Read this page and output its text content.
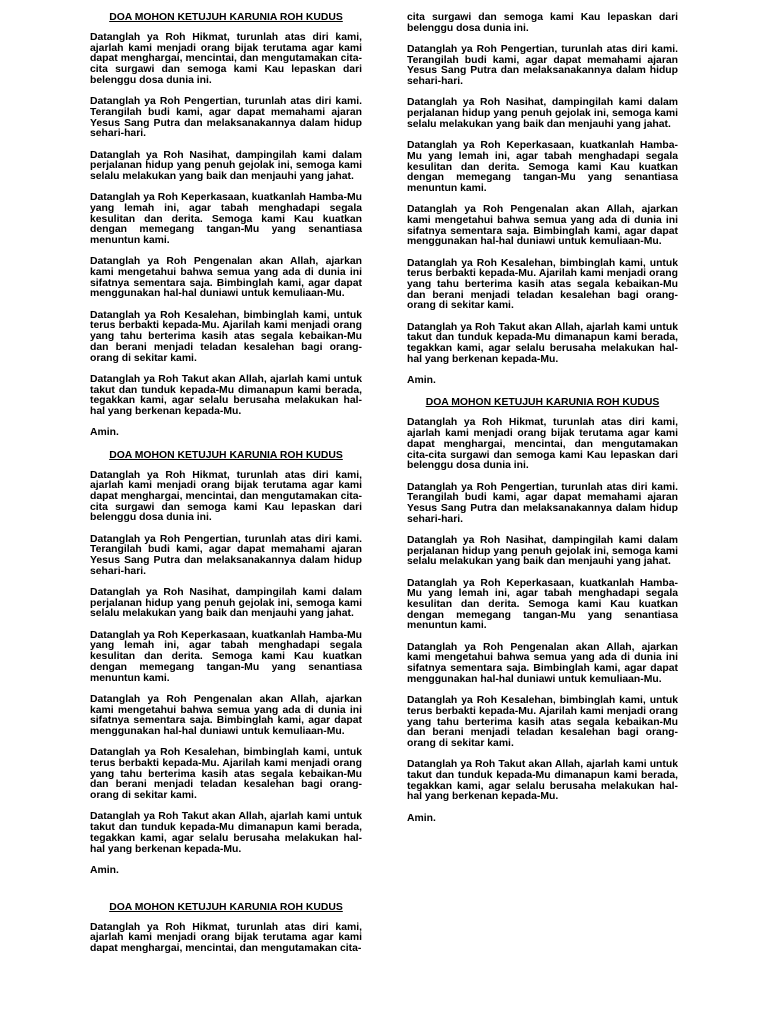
DOA MOHON KETUJUH KARUNIA ROH KUDUS
Datanglah ya Roh Hikmat, turunlah atas diri kami, ajarlah kami menjadi orang bijak terutama agar kami dapat menghargai, mencintai, dan mengutamakan cita-cita surgawi dan semoga kami Kau lepaskan dari belenggu dosa dunia ini.
Datanglah ya Roh Pengertian, turunlah atas diri kami. Terangilah budi kami, agar dapat memahami ajaran Yesus Sang Putra dan melaksanakannya dalam hidup sehari-hari.
Datanglah ya Roh Nasihat, dampingilah kami dalam perjalanan hidup yang penuh gejolak ini, semoga kami selalu melakukan yang baik dan menjauhi yang jahat.
Datanglah ya Roh Keperkasaan, kuatkanlah Hamba-Mu yang lemah ini, agar tabah menghadapi segala kesulitan dan derita. Semoga kami Kau kuatkan dengan memegang tangan-Mu yang senantiasa menuntun kami.
Datanglah ya Roh Pengenalan akan Allah, ajarkan kami mengetahui bahwa semua yang ada di dunia ini sifatnya sementara saja. Bimbinglah kami, agar dapat menggunakan hal-hal duniawi untuk kemuliaan-Mu.
Datanglah ya Roh Kesalehan, bimbinglah kami, untuk terus berbakti kepada-Mu. Ajarilah kami menjadi orang yang tahu berterima kasih atas segala kebaikan-Mu dan berani menjadi teladan kesalehan bagi orang-orang di sekitar kami.
Datanglah ya Roh Takut akan Allah, ajarlah kami untuk takut dan tunduk kepada-Mu dimanapun kami berada, tegakkan kami, agar selalu berusaha melakukan hal-hal yang berkenan kepada-Mu.
Amin.
DOA MOHON KETUJUH KARUNIA ROH KUDUS
Datanglah ya Roh Hikmat, turunlah atas diri kami, ajarlah kami menjadi orang bijak terutama agar kami dapat menghargai, mencintai, dan mengutamakan cita-cita surgawi dan semoga kami Kau lepaskan dari belenggu dosa dunia ini.
Datanglah ya Roh Pengertian, turunlah atas diri kami. Terangilah budi kami, agar dapat memahami ajaran Yesus Sang Putra dan melaksanakannya dalam hidup sehari-hari.
Datanglah ya Roh Nasihat, dampingilah kami dalam perjalanan hidup yang penuh gejolak ini, semoga kami selalu melakukan yang baik dan menjauhi yang jahat.
Datanglah ya Roh Keperkasaan, kuatkanlah Hamba-Mu yang lemah ini, agar tabah menghadapi segala kesulitan dan derita. Semoga kami Kau kuatkan dengan memegang tangan-Mu yang senantiasa menuntun kami.
Datanglah ya Roh Pengenalan akan Allah, ajarkan kami mengetahui bahwa semua yang ada di dunia ini sifatnya sementara saja. Bimbinglah kami, agar dapat menggunakan hal-hal duniawi untuk kemuliaan-Mu.
Datanglah ya Roh Kesalehan, bimbinglah kami, untuk terus berbakti kepada-Mu. Ajarilah kami menjadi orang yang tahu berterima kasih atas segala kebaikan-Mu dan berani menjadi teladan kesalehan bagi orang-orang di sekitar kami.
Datanglah ya Roh Takut akan Allah, ajarlah kami untuk takut dan tunduk kepada-Mu dimanapun kami berada, tegakkan kami, agar selalu berusaha melakukan hal-hal yang berkenan kepada-Mu.
Amin.
DOA MOHON KETUJUH KARUNIA ROH KUDUS
Datanglah ya Roh Hikmat, turunlah atas diri kami, ajarlah kami menjadi orang bijak terutama agar kami dapat menghargai, mencintai, dan mengutamakan cita-
cita surgawi dan semoga kami Kau lepaskan dari belenggu dosa dunia ini.
Datanglah ya Roh Pengertian, turunlah atas diri kami. Terangilah budi kami, agar dapat memahami ajaran Yesus Sang Putra dan melaksanakannya dalam hidup sehari-hari.
Datanglah ya Roh Nasihat, dampingilah kami dalam perjalanan hidup yang penuh gejolak ini, semoga kami selalu melakukan yang baik dan menjauhi yang jahat.
Datanglah ya Roh Keperkasaan, kuatkanlah Hamba-Mu yang lemah ini, agar tabah menghadapi segala kesulitan dan derita. Semoga kami Kau kuatkan dengan memegang tangan-Mu yang senantiasa menuntun kami.
Datanglah ya Roh Pengenalan akan Allah, ajarkan kami mengetahui bahwa semua yang ada di dunia ini sifatnya sementara saja. Bimbinglah kami, agar dapat menggunakan hal-hal duniawi untuk kemuliaan-Mu.
Datanglah ya Roh Kesalehan, bimbinglah kami, untuk terus berbakti kepada-Mu. Ajarilah kami menjadi orang yang tahu berterima kasih atas segala kebaikan-Mu dan berani menjadi teladan kesalehan bagi orang-orang di sekitar kami.
Datanglah ya Roh Takut akan Allah, ajarlah kami untuk takut dan tunduk kepada-Mu dimanapun kami berada, tegakkan kami, agar selalu berusaha melakukan hal-hal yang berkenan kepada-Mu.
Amin.
DOA MOHON KETUJUH KARUNIA ROH KUDUS
Datanglah ya Roh Hikmat, turunlah atas diri kami, ajarlah kami menjadi orang bijak terutama agar kami dapat menghargai, mencintai, dan mengutamakan cita-cita surgawi dan semoga kami Kau lepaskan dari belenggu dosa dunia ini.
Datanglah ya Roh Pengertian, turunlah atas diri kami. Terangilah budi kami, agar dapat memahami ajaran Yesus Sang Putra dan melaksanakannya dalam hidup sehari-hari.
Datanglah ya Roh Nasihat, dampingilah kami dalam perjalanan hidup yang penuh gejolak ini, semoga kami selalu melakukan yang baik dan menjauhi yang jahat.
Datanglah ya Roh Keperkasaan, kuatkanlah Hamba-Mu yang lemah ini, agar tabah menghadapi segala kesulitan dan derita. Semoga kami Kau kuatkan dengan memegang tangan-Mu yang senantiasa menuntun kami.
Datanglah ya Roh Pengenalan akan Allah, ajarkan kami mengetahui bahwa semua yang ada di dunia ini sifatnya sementara saja. Bimbinglah kami, agar dapat menggunakan hal-hal duniawi untuk kemuliaan-Mu.
Datanglah ya Roh Kesalehan, bimbinglah kami, untuk terus berbakti kepada-Mu. Ajarilah kami menjadi orang yang tahu berterima kasih atas segala kebaikan-Mu dan berani menjadi teladan kesalehan bagi orang-orang di sekitar kami.
Datanglah ya Roh Takut akan Allah, ajarlah kami untuk takut dan tunduk kepada-Mu dimanapun kami berada, tegakkan kami, agar selalu berusaha melakukan hal-hal yang berkenan kepada-Mu.
Amin.
